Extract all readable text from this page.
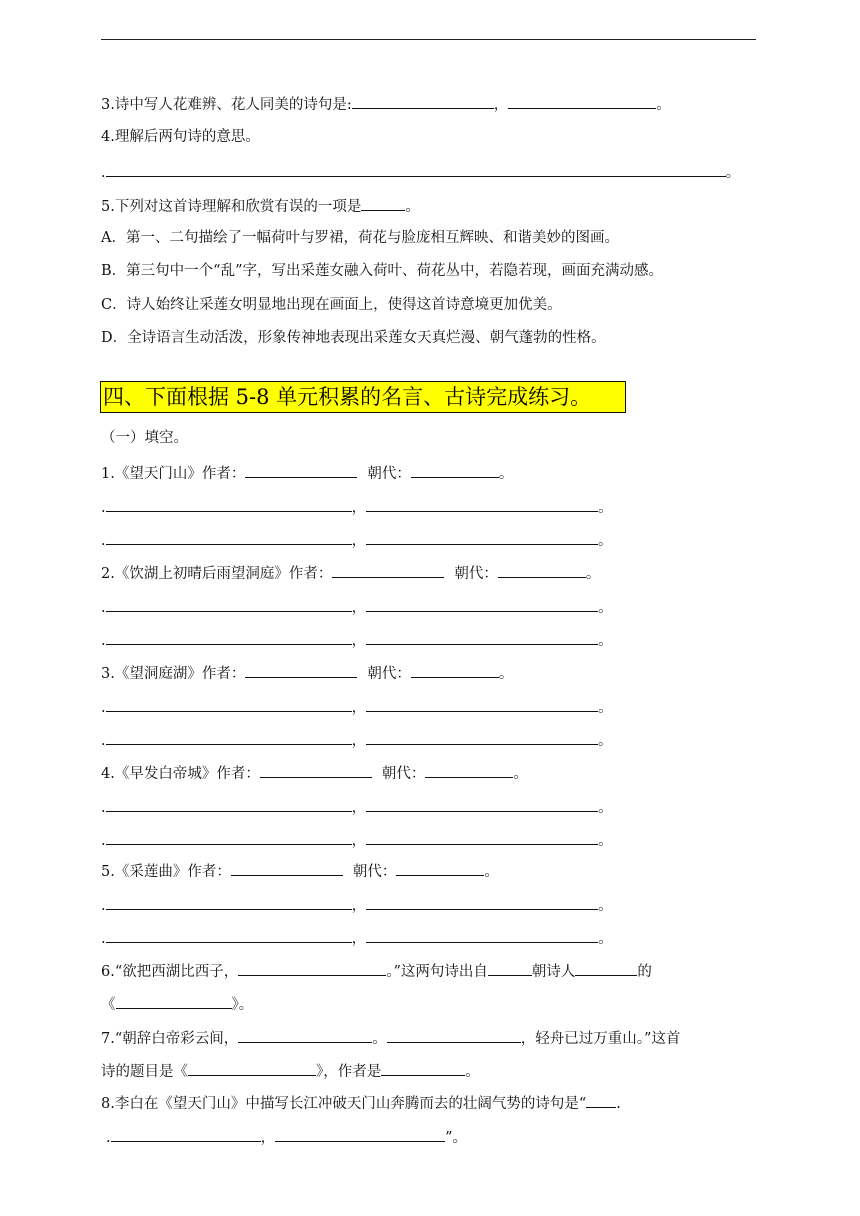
3.诗中写人花难辨、花人同美的诗句是:	，	。
4.理解后两句诗的意思。
.	。
5.下列对这首诗理解和欣赏有误的一项是	。
A．第一、二句描绘了一幅荷叶与罗裙，荷花与脸庞相互辉映、和谐美妙的图画。
B．第三句中一个“乱”字，写出采莲女融入荷叶、荷花丛中，若隐若现，画面充满动感。
C．诗人始终让采莲女明显地出现在画面上，使得这首诗意境更加优美。
D．全诗语言生动活泼，形象传神地表现出采莲女天真烂漫、朝气蓬勃的性格。
四、下面根据 5-8 单元积累的名言、古诗完成练习。
（一）填空。
1.《望天门山》作者：	朝代：	。
.	，	。
.	，	。
2.《饮湖上初晴后雨望洞庭》作者：	朝代：	。
.	，	。
.	，	。
3.《望洞庭湖》作者：	朝代：	。
.	，	。
.	，	。
4.《早发白帝城》作者：	朝代：	。
.	，	。
.	，	。
5.《采莲曲》作者：	朝代：	。
.	，	。
.	，	。
6.“欲把西湖比西子，	。”这两句诗出自	朝诗人	的
《	》。
7.“朝辞白帝彩云间，	。	，轻舟已过万重山。”这首
诗的题目是《	》，作者是	。
8.李白在《望天门山》中描写长江冲破天门山奔腾而去的壮阔气势的诗句是“ .
.	，	”。
